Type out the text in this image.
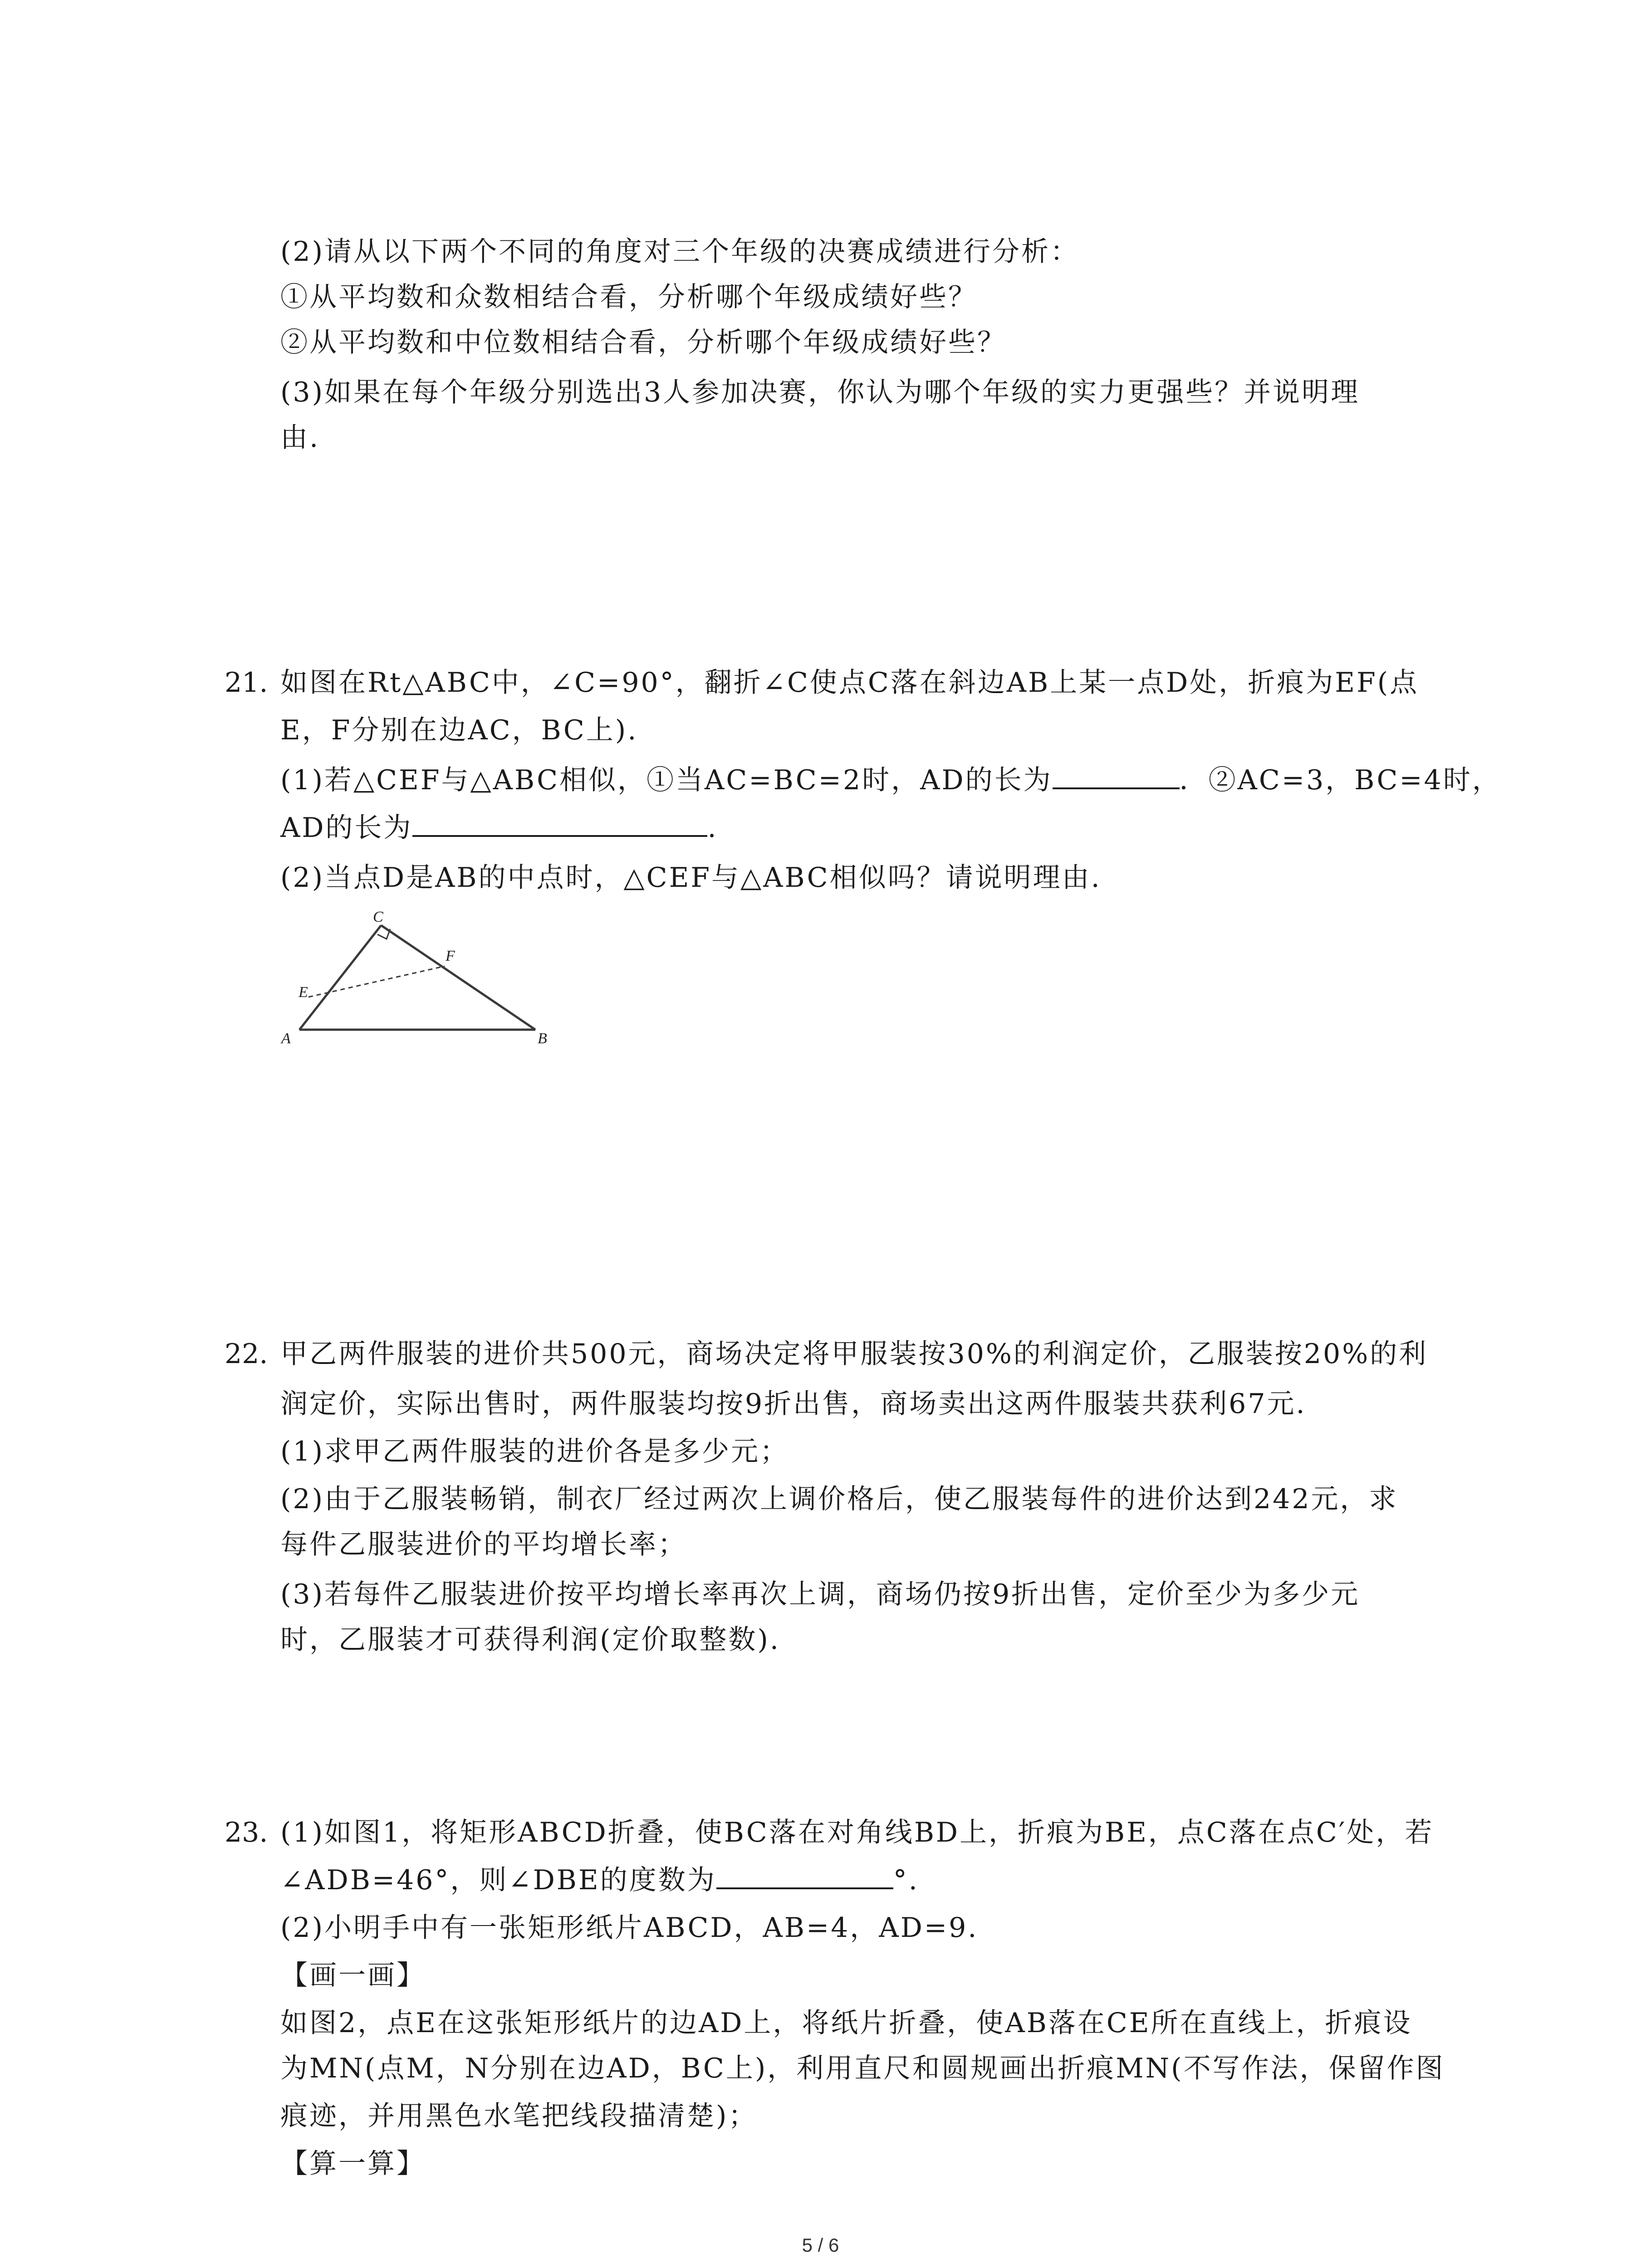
(2)请从以下两个不同的角度对三个年级的决赛成绩进行分析：
①从平均数和众数相结合看，分析哪个年级成绩好些？
②从平均数和中位数相结合看，分析哪个年级成绩好些？
(3)如果在每个年级分别选出3人参加决赛，你认为哪个年级的实力更强些？并说明理
由.
21. 如图在Rt△ABC中，∠C=90°，翻折∠C使点C落在斜边AB上某一点D处，折痕为EF(点
E，F分别在边AC，BC上).
(1)若△CEF与△ABC相似，①当AC=BC=2时，AD的长为	．②AC=3，BC=4时，
AD的长为	.
(2)当点D是AB的中点时，△CEF与△ABC相似吗？请说明理由.
C
F
E
A	B
22. 甲乙两件服装的进价共500元，商场决定将甲服装按30%的利润定价，乙服装按20%的利
润定价，实际出售时，两件服装均按9折出售，商场卖出这两件服装共获利67元.
(1)求甲乙两件服装的进价各是多少元；
(2)由于乙服装畅销，制衣厂经过两次上调价格后，使乙服装每件的进价达到242元，求
每件乙服装进价的平均增长率；
(3)若每件乙服装进价按平均增长率再次上调，商场仍按9折出售，定价至少为多少元
时，乙服装才可获得利润(定价取整数).
23. (1)如图1，将矩形ABCD折叠，使BC落在对角线BD上，折痕为BE，点C落在点C′处，若
∠ADB=46°，则∠DBE的度数为	°.
(2)小明手中有一张矩形纸片ABCD，AB=4，AD=9.
【画一画】
如图2，点E在这张矩形纸片的边AD上，将纸片折叠，使AB落在CE所在直线上，折痕设
为MN(点M，N分别在边AD，BC上)，利用直尺和圆规画出折痕MN(不写作法，保留作图
痕迹，并用黑色水笔把线段描清楚)；
【算一算】
5 / 6
